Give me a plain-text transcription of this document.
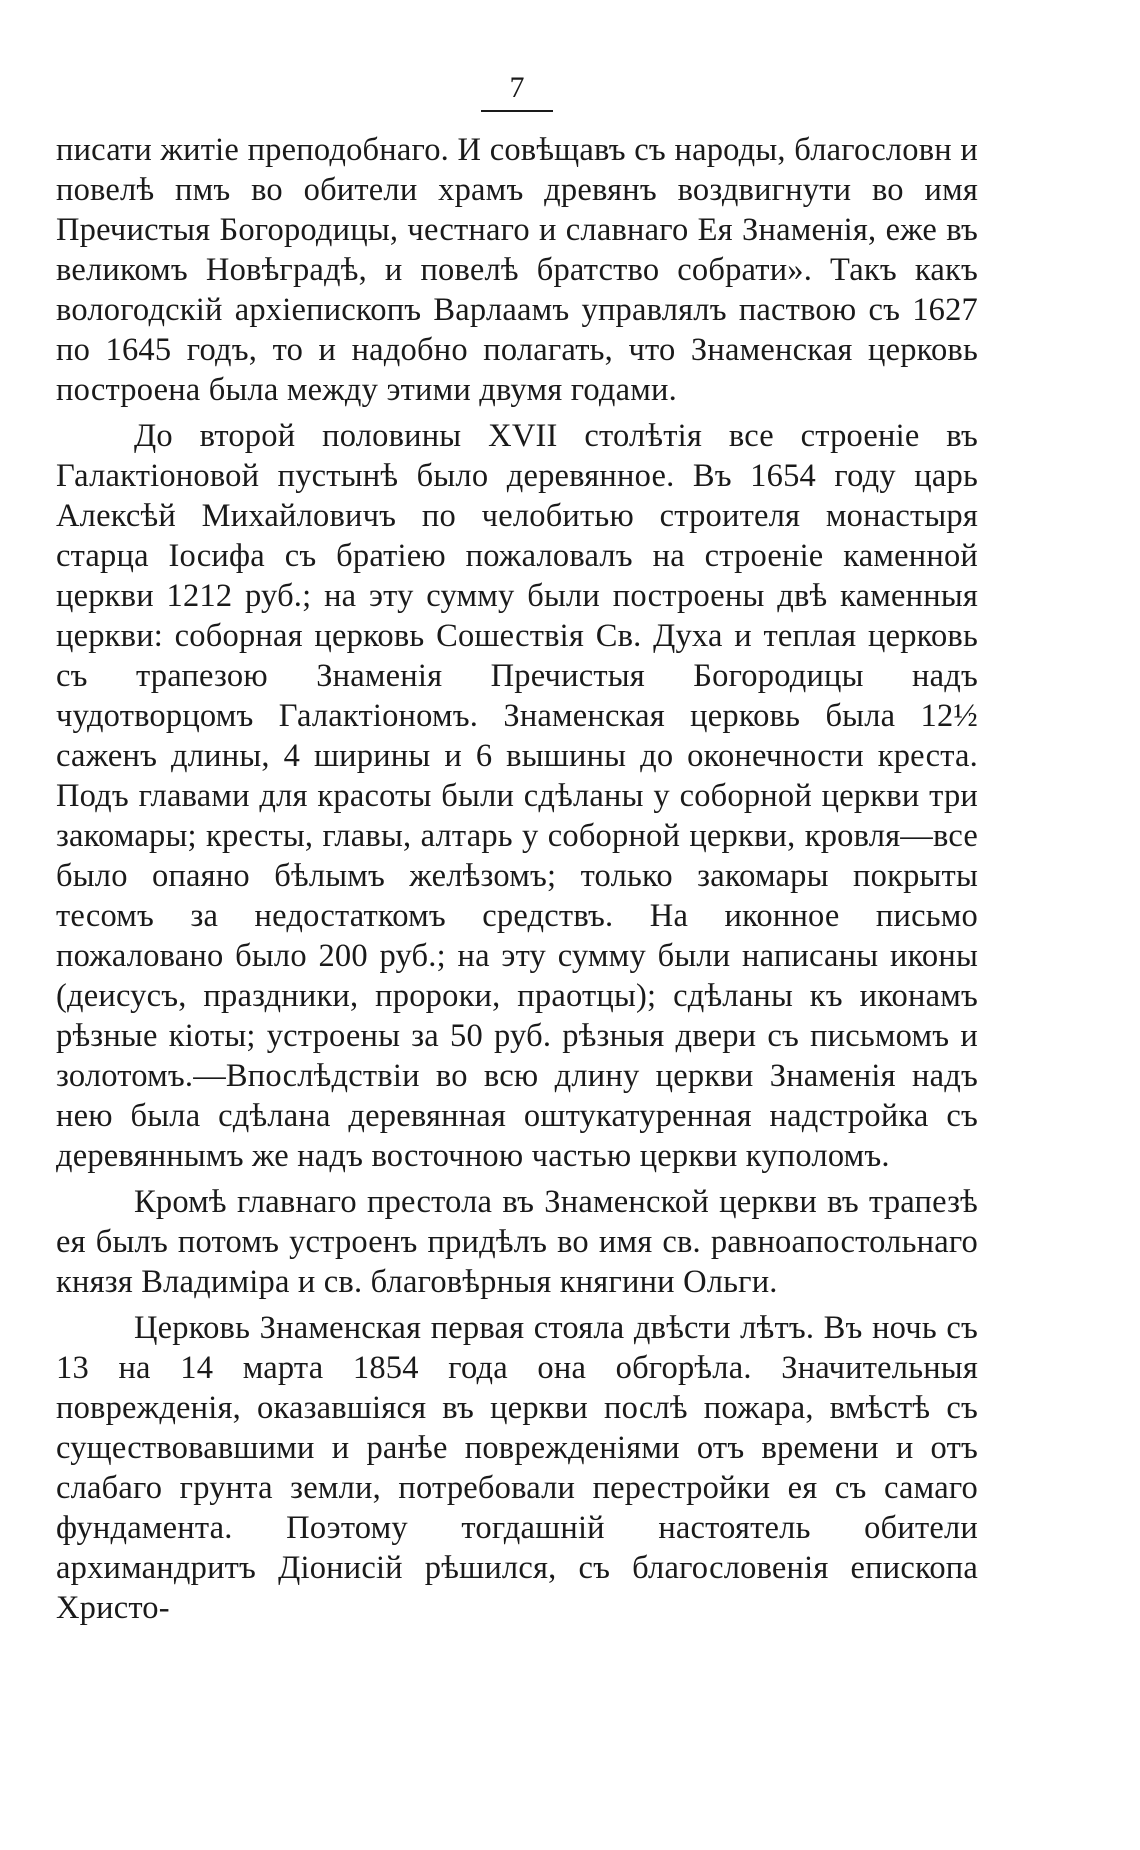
7

писати житіе преподобнаго. И совѣщавъ съ народы, благословн и повелѣ пмъ во обители храмъ древянъ воздвигнути во имя Пречистыя Богородицы, честнаго и славнаго Ея Знаменія, еже въ великомъ Новѣградѣ, и повелѣ братство собрати». Такъ какъ вологодскій архіепископъ Варлаамъ управлялъ паствою съ 1627 по 1645 годъ, то и надобно полагать, что Знаменская церковь построена была между этими двумя годами.

До второй половины XVII столѣтія все строеніе въ Галактіоновой пустынѣ было деревянное. Въ 1654 году царь Алексѣй Михайловичъ по челобитью строителя монастыря старца Іосифа съ братіею пожаловалъ на строеніе каменной церкви 1212 руб.; на эту сумму были построены двѣ каменныя церкви: соборная церковь Сошествія Св. Духа и теплая церковь съ трапезою Знаменія Пречистыя Богородицы надъ чудотворцомъ Галактіономъ. Знаменская церковь была 12½ саженъ длины, 4 ширины и 6 вышины до оконечности креста. Подъ главами для красоты были сдѣланы у соборной церкви три закомары; кресты, главы, алтарь у соборной церкви, кровля—все было опаяно бѣлымъ желѣзомъ; только закомары покрыты тесомъ за недостаткомъ средствъ. На иконное письмо пожаловано было 200 руб.; на эту сумму были написаны иконы (деисусъ, праздники, пророки, праотцы); сдѣланы къ иконамъ рѣзные кіоты; устроены за 50 руб. рѣзныя двери съ письмомъ и золотомъ.—Впослѣдствіи во всю длину церкви Знаменія надъ нею была сдѣлана деревянная оштукатуренная надстройка съ деревяннымъ же надъ восточною частью церкви куполомъ.

Кромѣ главнаго престола въ Знаменской церкви въ трапезѣ ея былъ потомъ устроенъ придѣлъ во имя св. равноапостольнаго князя Владиміра и св. благовѣрныя княгини Ольги.

Церковь Знаменская первая стояла двѣсти лѣтъ. Въ ночь съ 13 на 14 марта 1854 года она обгорѣла. Значительныя поврежденія, оказавшіяся въ церкви послѣ пожара, вмѣстѣ съ существовавшими и ранѣе поврежденіями отъ времени и отъ слабаго грунта земли, потребовали перестройки ея съ самаго фундамента. Поэтому тогдашній настоятель обители архимандритъ Діонисій рѣшился, съ благословенія епископа Христо-
